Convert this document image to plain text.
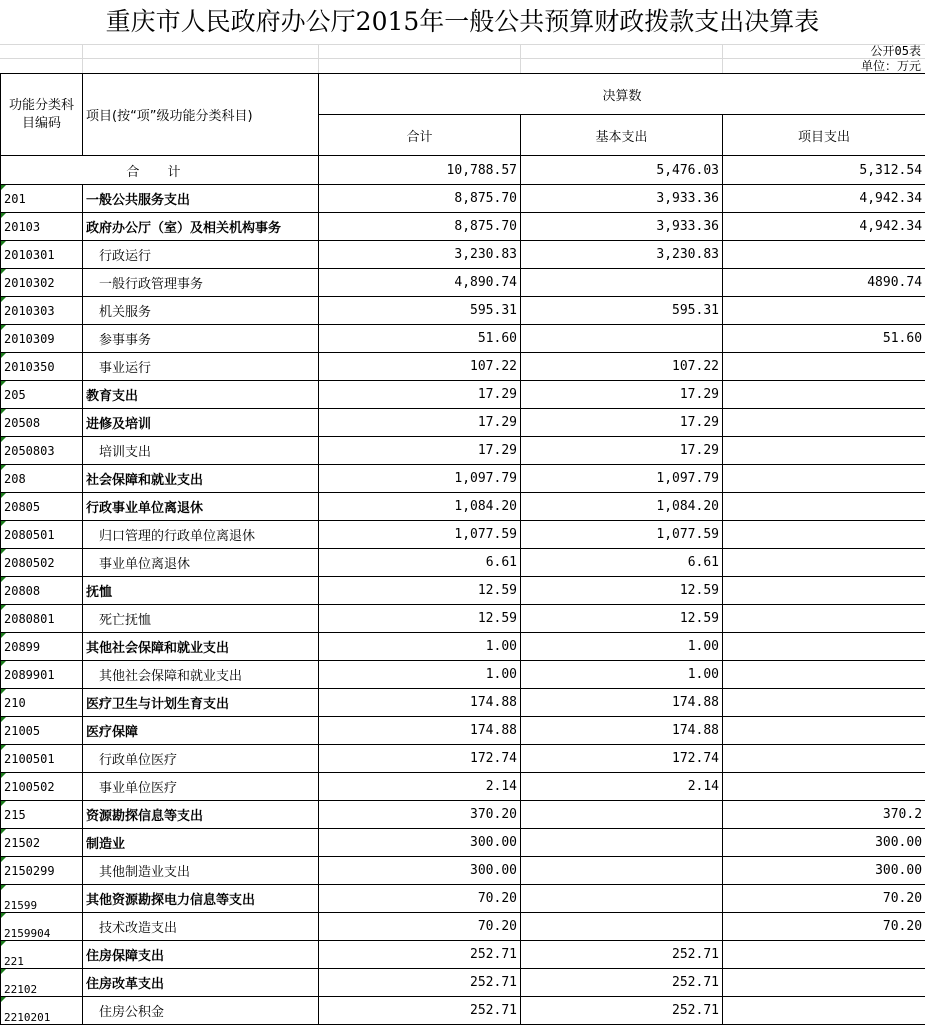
重庆市人民政府办公厅2015年一般公共预算财政拨款支出决算表
公开05表
单位：万元
功能分类科目编码	项目(按“项”级功能分类科目)	决算数		
		合计	基本支出	项目支出
合 计		10,788.57	5,476.03	5,312.54

201	一般公共服务支出	8,875.70	3,933.36	4,942.34

20103	政府办公厅（室）及相关机构事务	8,875.70	3,933.36	4,942.34

2010301	行政运行	3,230.83	3,230.83	

2010302	一般行政管理事务	4,890.74		4890.74

2010303	机关服务	595.31	595.31	

2010309	参事事务	51.60		51.60

2010350	事业运行	107.22	107.22	

205	教育支出	17.29	17.29	

20508	进修及培训	17.29	17.29	

2050803	培训支出	17.29	17.29	

208	社会保障和就业支出	1,097.79	1,097.79	

20805	行政事业单位离退休	1,084.20	1,084.20	

2080501	归口管理的行政单位离退休	1,077.59	1,077.59	

2080502	事业单位离退休	6.61	6.61	

20808	抚恤	12.59	12.59	

2080801	死亡抚恤	12.59	12.59	

20899	其他社会保障和就业支出	1.00	1.00	

2089901	其他社会保障和就业支出	1.00	1.00	

210	医疗卫生与计划生育支出	174.88	174.88	

21005	医疗保障	174.88	174.88	

2100501	行政单位医疗	172.74	172.74	

2100502	事业单位医疗	2.14	2.14	

215	资源勘探信息等支出	370.20		370.2

21502	制造业	300.00		300.00

2150299	其他制造业支出	300.00		300.00

21599	其他资源勘探电力信息等支出	70.20		70.20

2159904	技术改造支出	70.20		70.20

221	住房保障支出	252.71	252.71	

22102	住房改革支出	252.71	252.71	

2210201	住房公积金	252.71	252.71	
